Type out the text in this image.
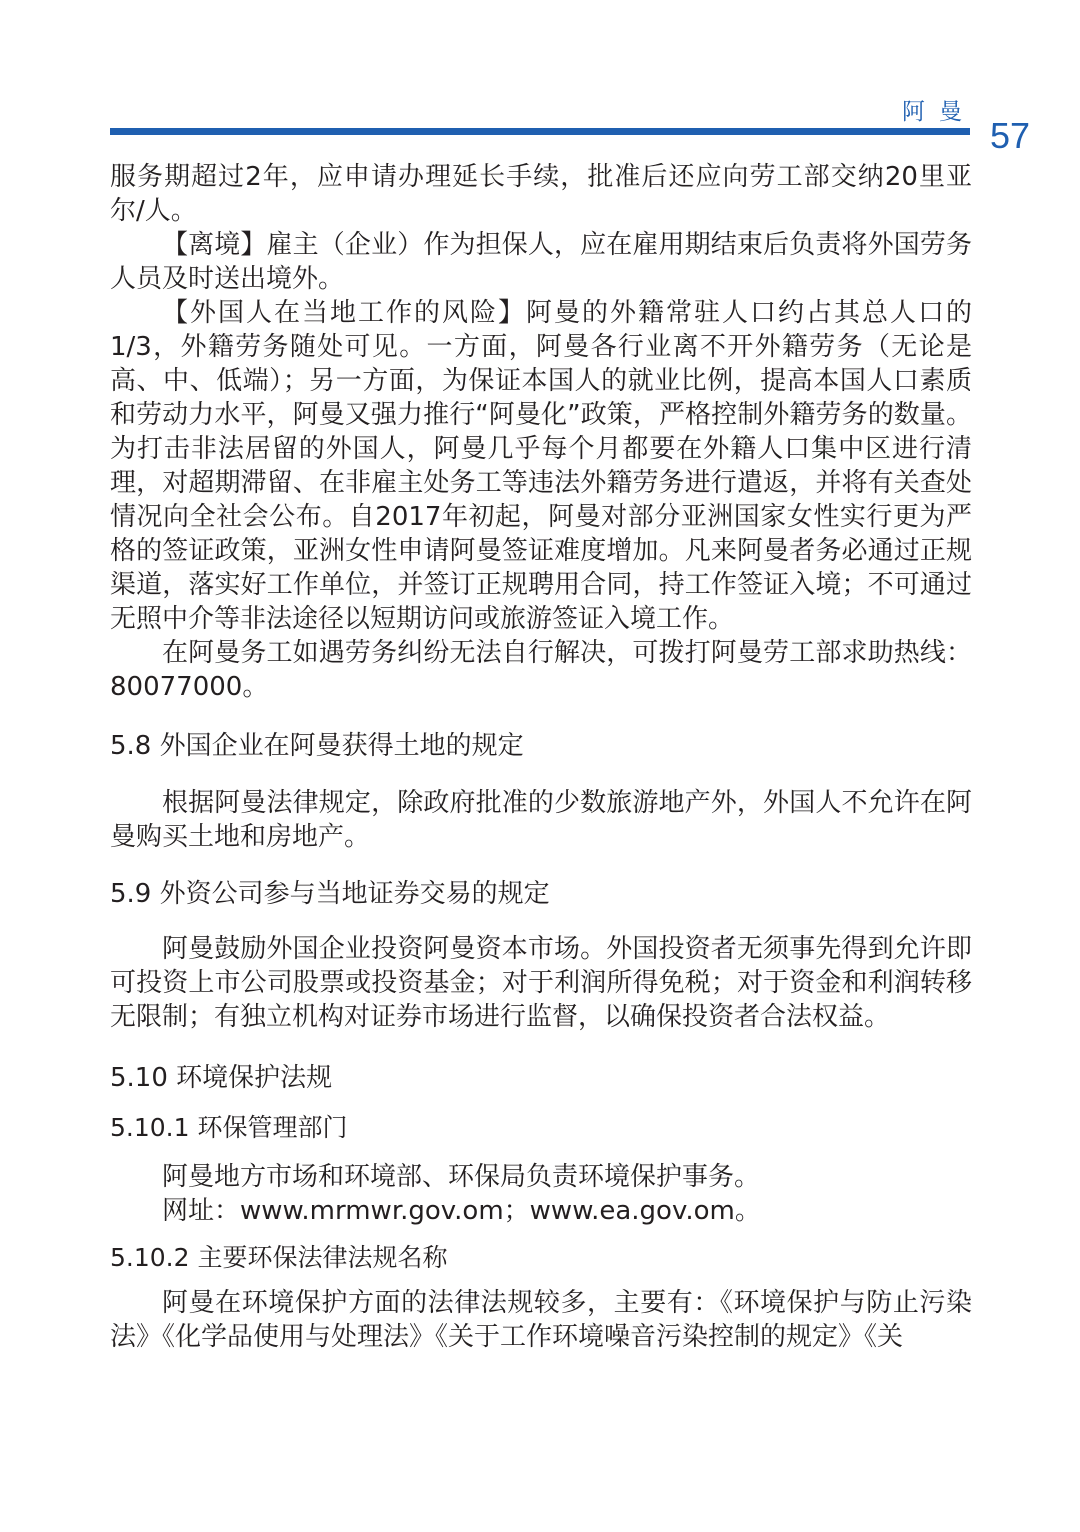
阿曼
57

服务期超过2年，应申请办理延长手续，批准后还应向劳工部交纳20里亚尔/人。

【离境】雇主（企业）作为担保人，应在雇用期结束后负责将外国劳务人员及时送出境外。

【外国人在当地工作的风险】阿曼的外籍常驻人口约占其总人口的1/3，外籍劳务随处可见。一方面，阿曼各行业离不开外籍劳务（无论是高、中、低端）；另一方面，为保证本国人的就业比例，提高本国人口素质和劳动力水平，阿曼又强力推行“阿曼化”政策，严格控制外籍劳务的数量。为打击非法居留的外国人，阿曼几乎每个月都要在外籍人口集中区进行清理，对超期滞留、在非雇主处务工等违法外籍劳务进行遣返，并将有关查处情况向全社会公布。自2017年初起，阿曼对部分亚洲国家女性实行更为严格的签证政策，亚洲女性申请阿曼签证难度增加。凡来阿曼者务必通过正规渠道，落实好工作单位，并签订正规聘用合同，持工作签证入境；不可通过无照中介等非法途径以短期访问或旅游签证入境工作。

在阿曼务工如遇劳务纠纷无法自行解决，可拨打阿曼劳工部求助热线：80077000。

5.8 外国企业在阿曼获得土地的规定

根据阿曼法律规定，除政府批准的少数旅游地产外，外国人不允许在阿曼购买土地和房地产。

5.9 外资公司参与当地证券交易的规定

阿曼鼓励外国企业投资阿曼资本市场。外国投资者无须事先得到允许即可投资上市公司股票或投资基金；对于利润所得免税；对于资金和利润转移无限制；有独立机构对证券市场进行监督，以确保投资者合法权益。

5.10 环境保护法规
5.10.1 环保管理部门

阿曼地方市场和环境部、环保局负责环境保护事务。

网址：www.mrmwr.gov.om；www.ea.gov.om。

5.10.2 主要环保法律法规名称

阿曼在环境保护方面的法律法规较多，主要有：《环境保护与防止污染法》《化学品使用与处理法》《关于工作环境噪音污染控制的规定》《关
